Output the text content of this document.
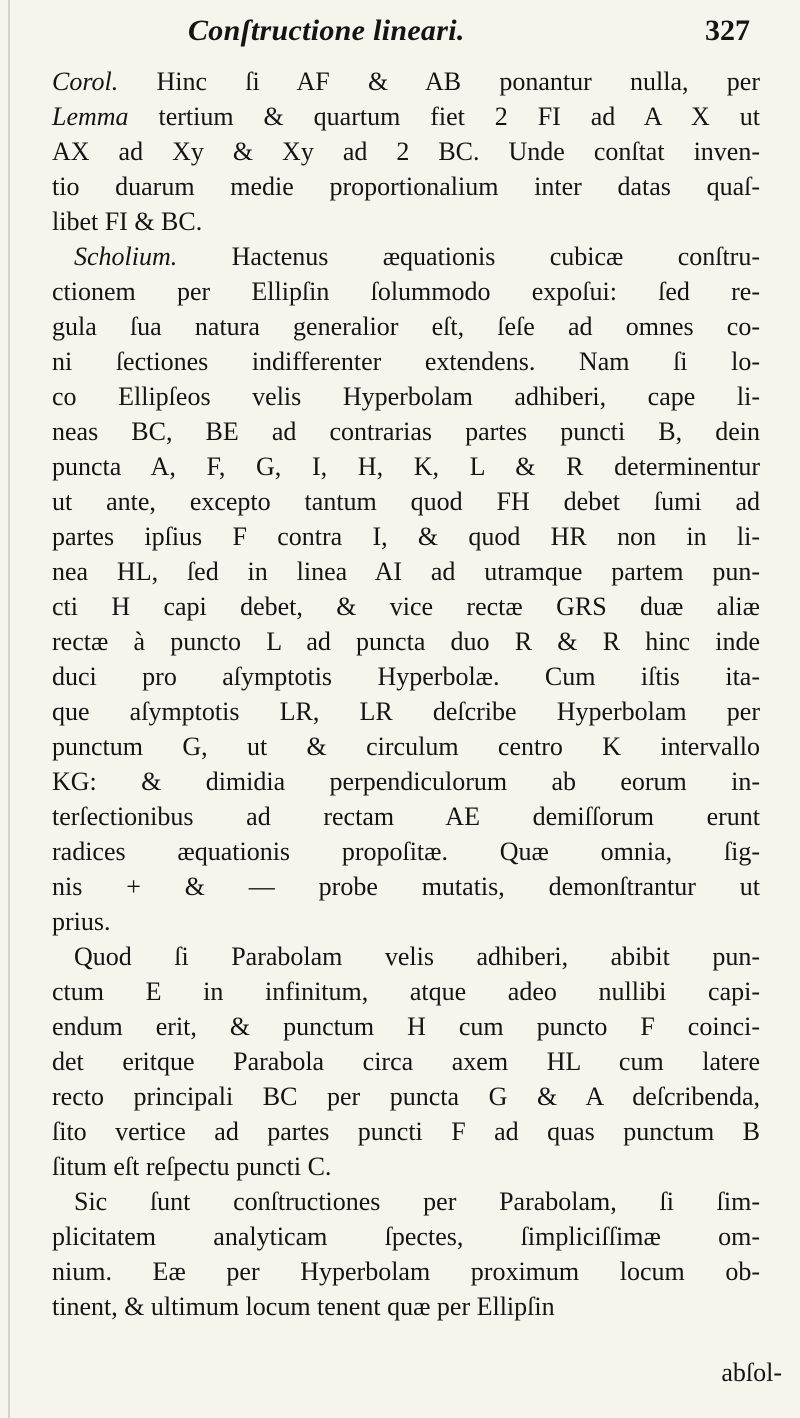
Conſtructione lineari.	327
Corol. Hinc ſi AF & AB ponantur nulla, per
Lemma tertium & quartum fiet 2 FI ad A X ut
AX ad Xy & Xy ad 2 BC. Unde conſtat inven-
tio duarum medie proportionalium inter datas quaſ-
libet FI & BC.
Scholium. Hactenus æquationis cubicæ conſtru-
ctionem per Ellipſin ſolummodo expoſui: ſed re-
gula ſua natura generalior eſt, ſeſe ad omnes co-
ni ſectiones indifferenter extendens. Nam ſi lo-
co Ellipſeos velis Hyperbolam adhiberi, cape li-
neas BC, BE ad contrarias partes puncti B, dein
puncta A, F, G, I, H, K, L & R determinentur
ut ante, excepto tantum quod FH debet ſumi ad
partes ipſius F contra I, & quod HR non in li-
nea HL, ſed in linea AI ad utramque partem pun-
cti H capi debet, & vice rectæ GRS duæ aliæ
rectæ à puncto L ad puncta duo R & R hinc inde
duci pro aſymptotis Hyperbolæ. Cum iſtis ita-
que aſymptotis LR, LR deſcribe Hyperbolam per
punctum G, ut & circulum centro K intervallo
KG: & dimidia perpendiculorum ab eorum in-
terſectionibus ad rectam AE demiſſorum erunt
radices æquationis propoſitæ. Quæ omnia, ſig-
nis + & — probe mutatis, demonſtrantur ut
prius.
Quod ſi Parabolam velis adhiberi, abibit pun-
ctum E in infinitum, atque adeo nullibi capi-
endum erit, & punctum H cum puncto F coinci-
det eritque Parabola circa axem HL cum latere
recto principali BC per puncta G & A deſcribenda,
ſito vertice ad partes puncti F ad quas punctum B
ſitum eſt reſpectu puncti C.
Sic ſunt conſtructiones per Parabolam, ſi ſim-
plicitatem analyticam ſpectes, ſimpliciſſimæ om-
nium. Eæ per Hyperbolam proximum locum ob-
tinent, & ultimum locum tenent quæ per Ellipſin
abſol-
